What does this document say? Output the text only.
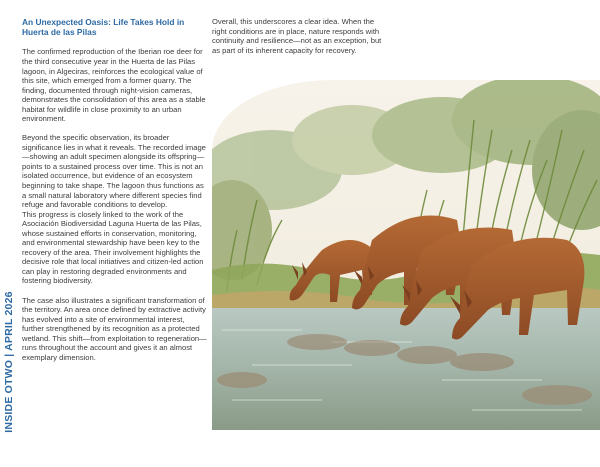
INSIDE OTWO | APRIL 2026
An Unexpected Oasis: Life Takes Hold in Huerta de las Pilas

The confirmed reproduction of the Iberian roe deer for the third consecutive year in the Huerta de las Pilas lagoon, in Algeciras, reinforces the ecological value of this site, which emerged from a former quarry. The finding, documented through night-vision cameras, demonstrates the consolidation of this area as a stable habitat for wildlife in close proximity to an urban environment.

Beyond the specific observation, its broader significance lies in what it reveals. The recorded image—showing an adult specimen alongside its offspring—points to a sustained process over time. This is not an isolated occurrence, but evidence of an ecosystem beginning to take shape. The lagoon thus functions as a small natural laboratory where different species find refuge and favorable conditions to develop.

This progress is closely linked to the work of the Asociación Biodiversidad Laguna Huerta de las Pilas, whose sustained efforts in conservation, monitoring, and environmental stewardship have been key to the recovery of the area. Their involvement highlights the decisive role that local initiatives and citizen-led action can play in restoring degraded environments and fostering biodiversity.

The case also illustrates a significant transformation of the territory. An area once defined by extractive activity has evolved into a site of environmental interest, further strengthened by its recognition as a protected wetland. This shift—from exploitation to regeneration—runs throughout the account and gives it an almost exemplary dimension.

Overall, this underscores a clear idea. When the right conditions are in place, nature responds with continuity and resilience—not as an exception, but as part of its inherent capacity for recovery.
